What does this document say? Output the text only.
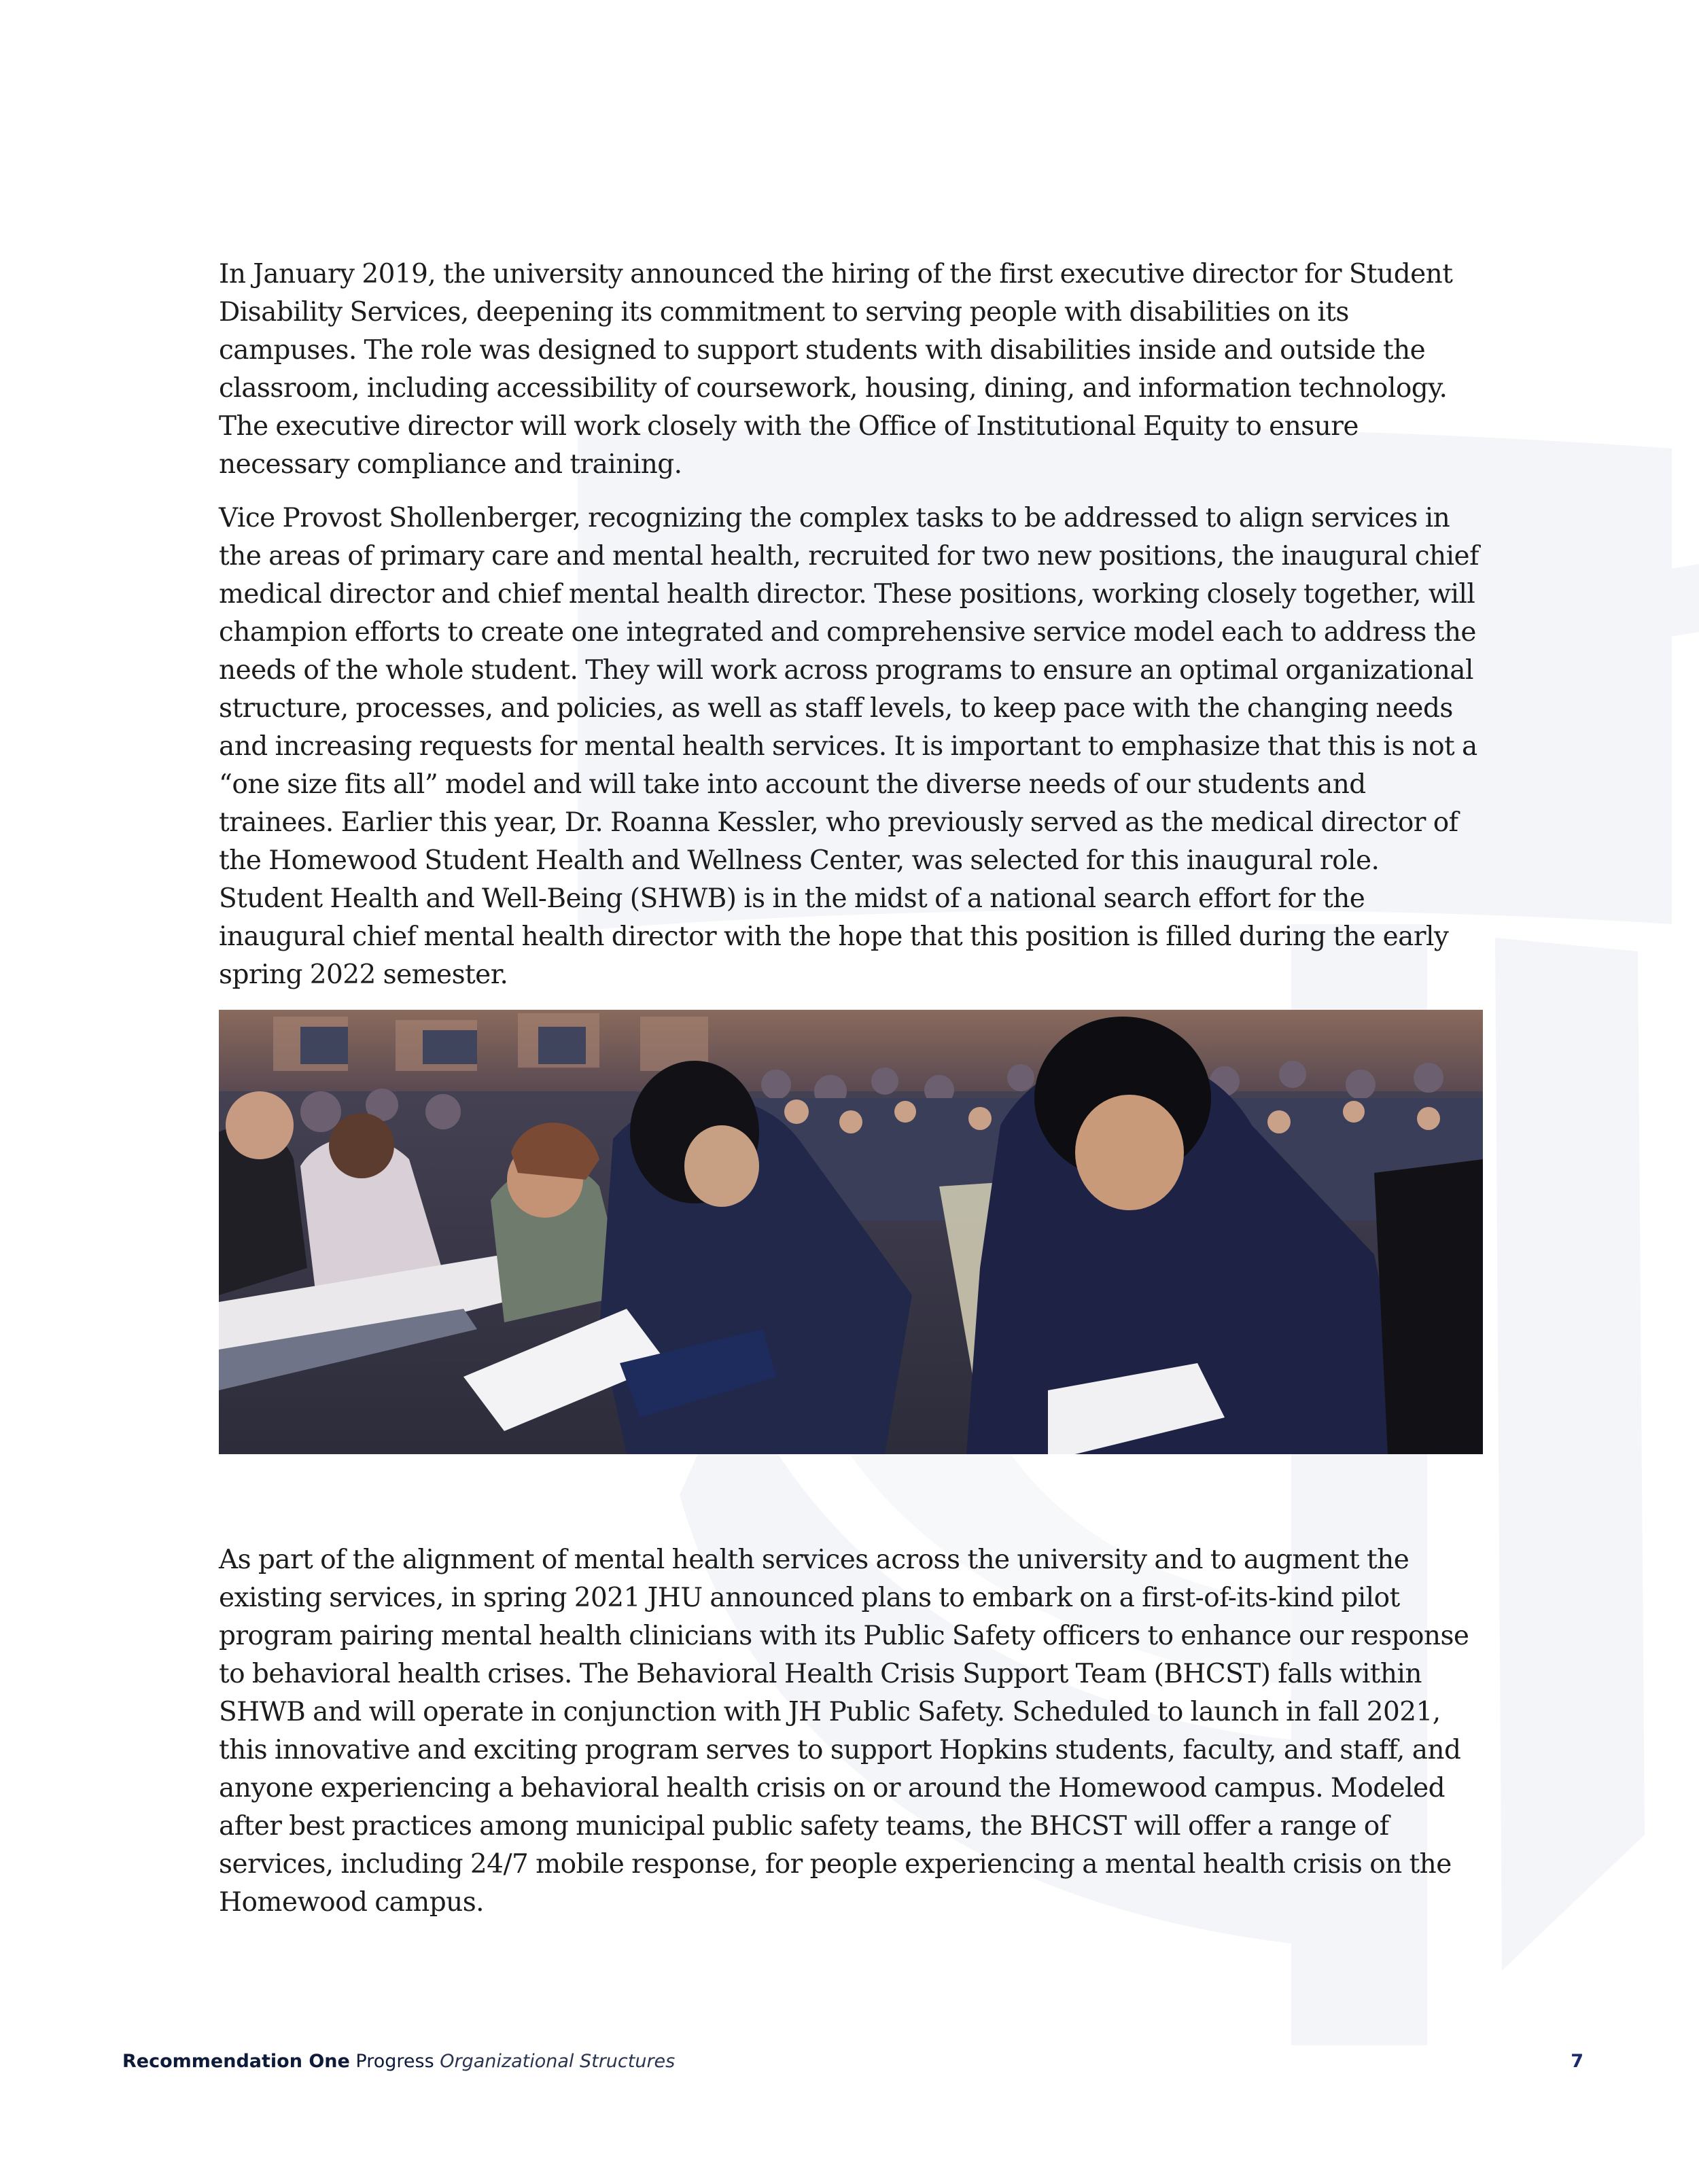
In January 2019, the university announced the hiring of the first executive director for Student Disability Services, deepening its commitment to serving people with disabilities on its campuses. The role was designed to support students with disabilities inside and outside the classroom, including accessibility of coursework, housing, dining, and information technology. The executive director will work closely with the Office of Institutional Equity to ensure necessary compliance and training.

Vice Provost Shollenberger, recognizing the complex tasks to be addressed to align services in the areas of primary care and mental health, recruited for two new positions, the inaugural chief medical director and chief mental health director. These positions, working closely together, will champion efforts to create one integrated and comprehensive service model each to address the needs of the whole student. They will work across programs to ensure an optimal organizational structure, processes, and policies, as well as staff levels, to keep pace with the changing needs and increasing requests for mental health services. It is important to emphasize that this is not a “one size fits all” model and will take into account the diverse needs of our students and trainees. Earlier this year, Dr. Roanna Kessler, who previously served as the medical director of the Homewood Student Health and Wellness Center, was selected for this inaugural role. Student Health and Well-Being (SHWB) is in the midst of a national search effort for the inaugural chief mental health director with the hope that this position is filled during the early spring 2022 semester.

As part of the alignment of mental health services across the university and to augment the existing services, in spring 2021 JHU announced plans to embark on a first-of-its-kind pilot program pairing mental health clinicians with its Public Safety officers to enhance our response to behavioral health crises. The Behavioral Health Crisis Support Team (BHCST) falls within SHWB and will operate in conjunction with JH Public Safety. Scheduled to launch in fall 2021, this innovative and exciting program serves to support Hopkins students, faculty, and staff, and anyone experiencing a behavioral health crisis on or around the Homewood campus. Modeled after best practices among municipal public safety teams, the BHCST will offer a range of services, including 24/7 mobile response, for people experiencing a mental health crisis on the Homewood campus.

Recommendation One Progress Organizational Structures	7
